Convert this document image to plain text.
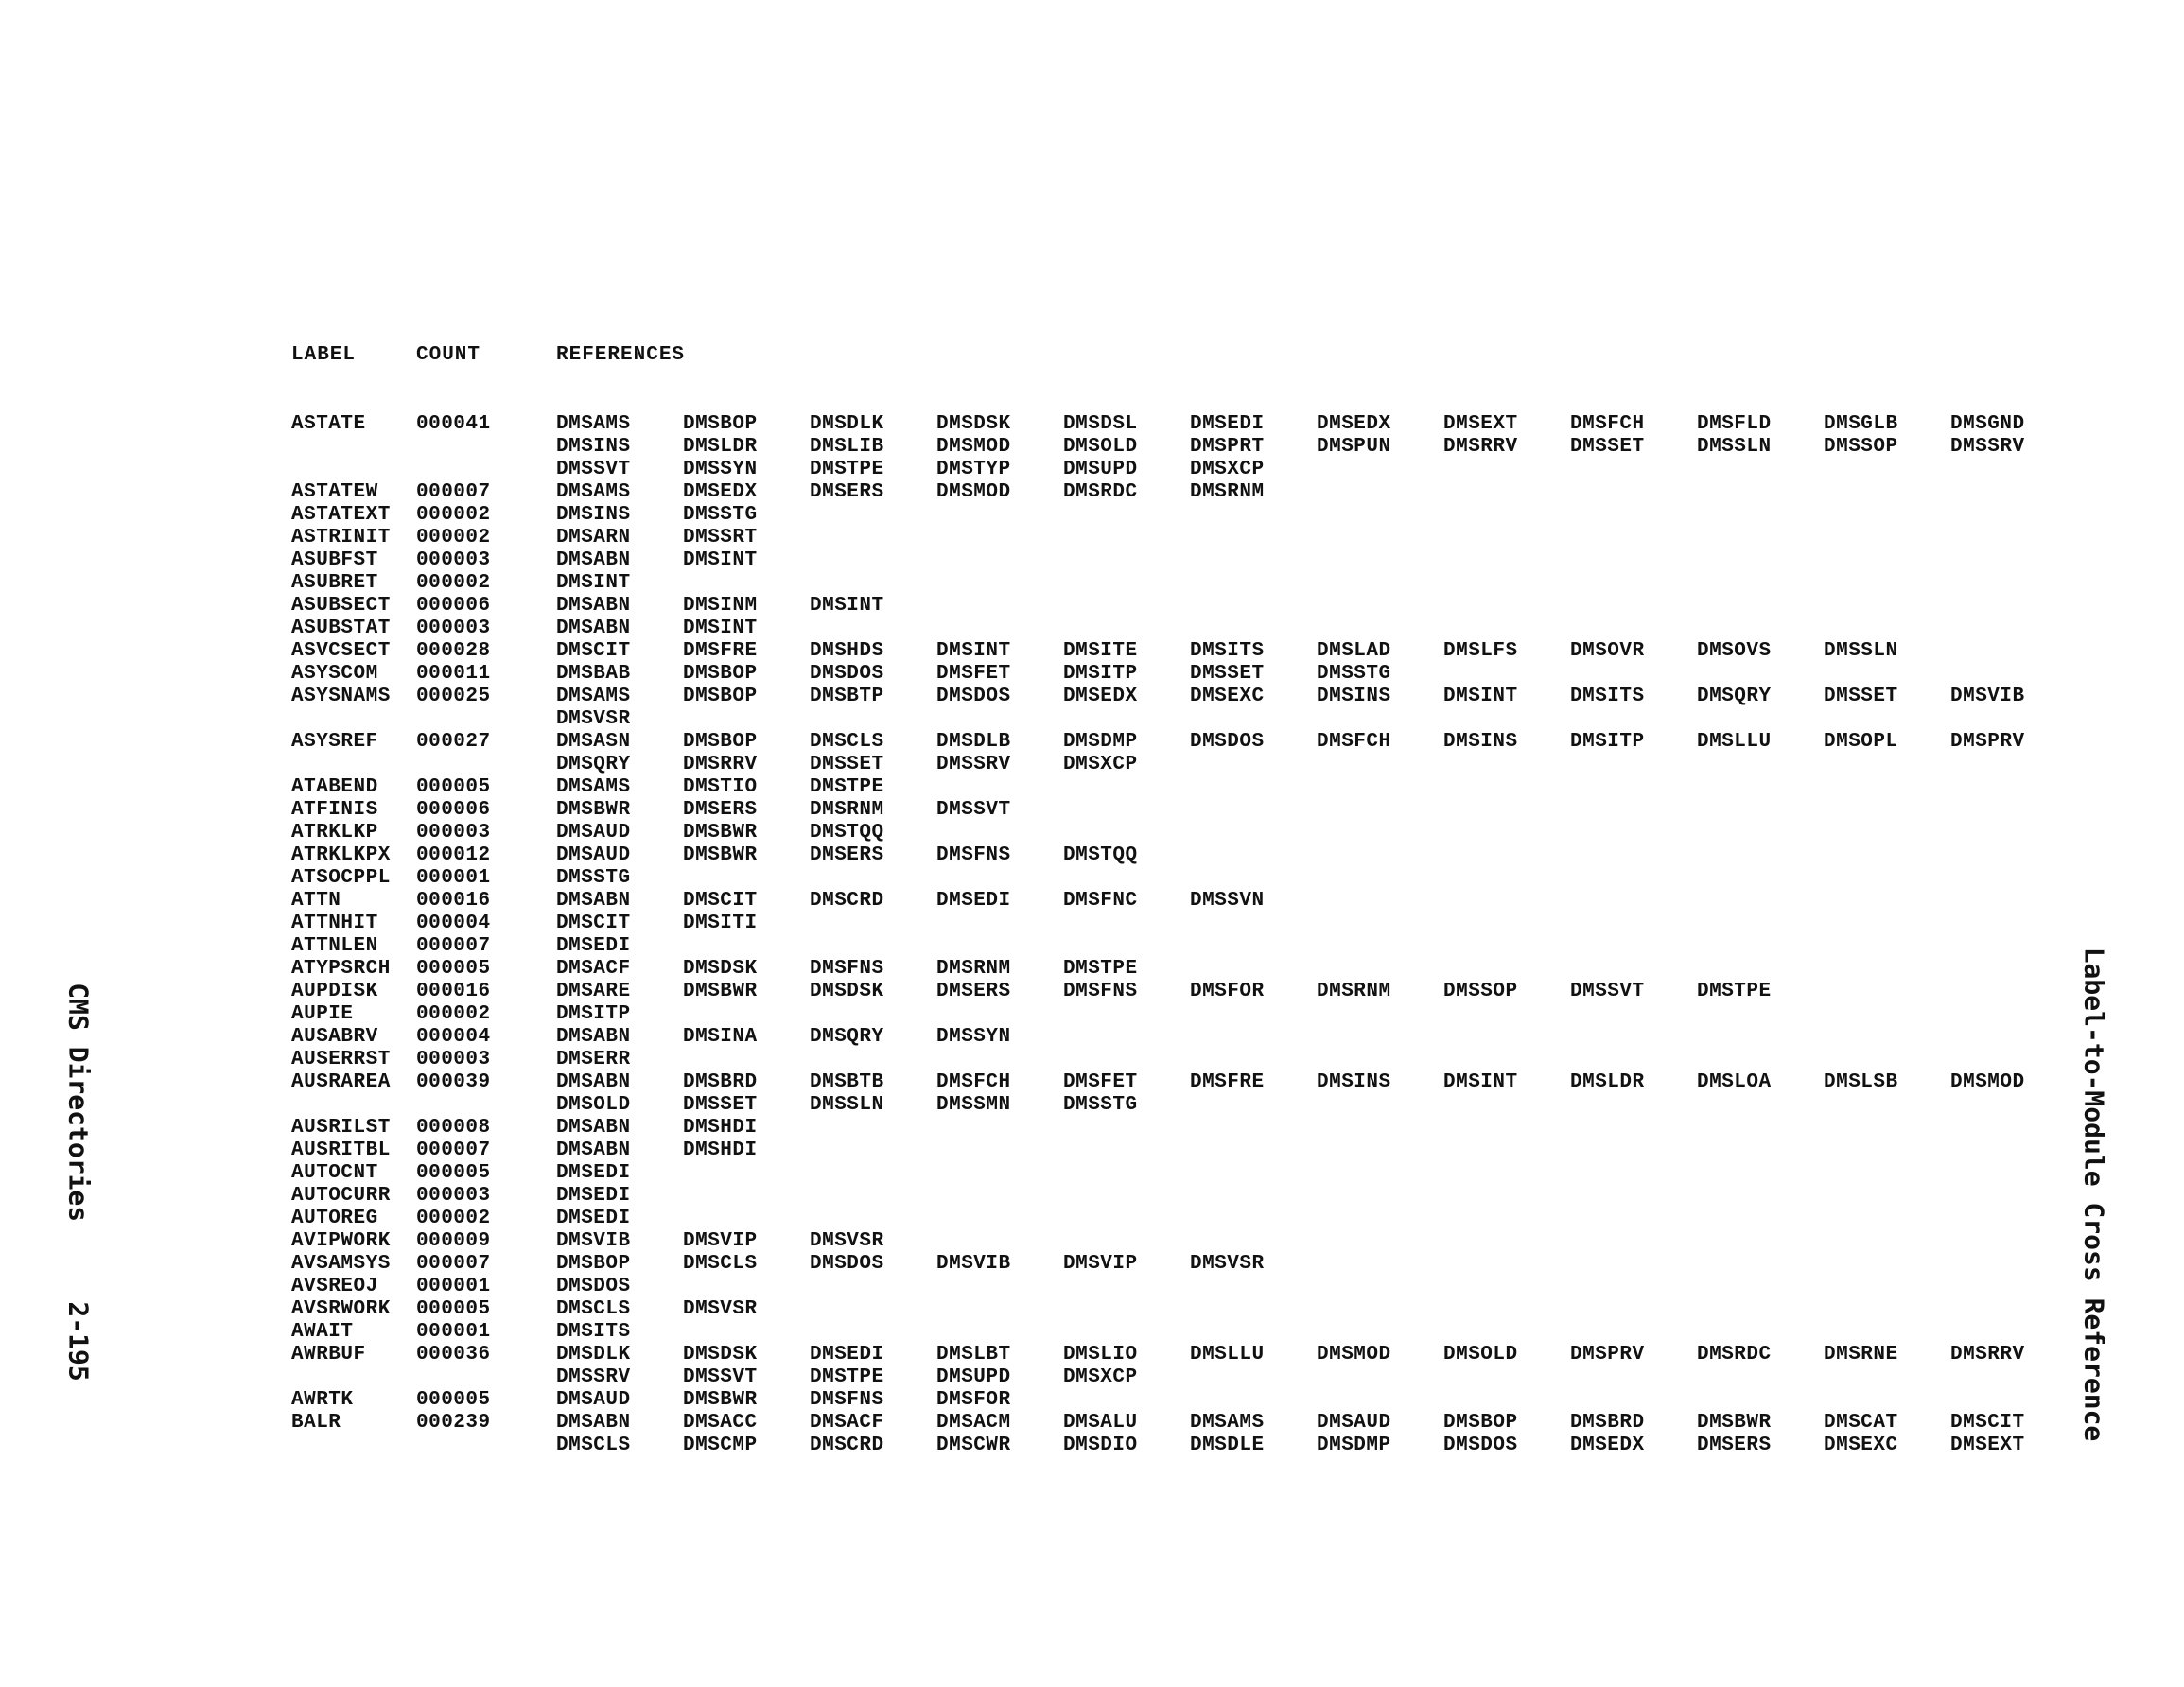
LABEL	COUNT	REFERENCES
ASTATE	000041	DMSAMS	DMSBOP	DMSDLK	DMSDSK	DMSDSL	DMSEDI	DMSEDX	DMSEXT	DMSFCH	DMSFLD	DMSGLB	DMSGND
DMSINS	DMSLDR	DMSLIB	DMSMOD	DMSOLD	DMSPRT	DMSPUN	DMSRRV	DMSSET	DMSSLN	DMSSOP	DMSSRV
DMSSVT	DMSSYN	DMSTPE	DMSTYP	DMSUPD	DMSXCP
ASTATEW 000007	DMSAMS	DMSEDX	DMSERS	DMSMOD	DMSRDC	DMSRNM
ASTATEXT 000002	DMSINS	DMSSTG
ASTRINIT 000002	DMSARN	DMSSRT
ASUBFST 000003	DMSABN	DMSINT
ASUBRET 000002	DMSINT
ASUBSECT 000006	DMSABN	DMSINM	DMSINT
ASUBSTAT 000003	DMSABN	DMSINT
ASVCSECT 000028	DMSCIT	DMSFRE	DMSHDS	DMSINT	DMSITE	DMSITS	DMSLAD	DMSLFS	DMSOVR	DMSOVS	DMSSLN
ASYSCOM 000011	DMSBAB	DMSBOP	DMSDOS	DMSFET	DMSITP	DMSSET	DMSSTG
ASYSNAMS 000025	DMSAMS	DMSBOP	DMSBTP	DMSDOS	DMSEDX	DMSEXC	DMSINS	DMSINT	DMSITS	DMSQRY	DMSSET	DMSVIB
DMSVSR
ASYSREF 000027	DMSASN	DMSBOP	DMSCLS	DMSDLB	DMSDMP	DMSDOS	DMSFCH	DMSINS	DMSITP	DMSLLU	DMSOPL	DMSPRV
DMSQRY	DMSRRV	DMSSET	DMSSRV	DMSXCP
ATABEND 000005	DMSAMS	DMSTIO	DMSTPE
ATFINIS 000006	DMSBWR	DMSERS	DMSRNM	DMSSVT
ATRKLKP 000003	DMSAUD	DMSBWR	DMSTQQ
ATRKLKPX 000012	DMSAUD	DMSBWR	DMSERS	DMSFNS	DMSTQQ
ATSOCPPL 000001	DMSSTG
ATTN	000016	DMSABN	DMSCIT	DMSCRD	DMSEDI	DMSFNC	DMSSVN
ATTNHIT 000004	DMSCIT	DMSITI
ATTNLEN 000007	DMSEDI
ATYPSRCH 000005	DMSACF	DMSDSK	DMSFNS	DMSRNM	DMSTPE
AUPDISK 000016	DMSARE	DMSBWR	DMSDSK	DMSERS	DMSFNS	DMSFOR	DMSRNM	DMSSOP	DMSSVT	DMSTPE
AUPIE	000002	DMSITP
AUSABRV 000004	DMSABN	DMSINA	DMSQRY	DMSSYN
AUSERRST 000003	DMSERR
AUSRAREA 000039	DMSABN	DMSBRD	DMSBTB	DMSFCH	DMSFET	DMSFRE	DMSINS	DMSINT	DMSLDR	DMSLOA	DMSLSB	DMSMOD
DMSOLD	DMSSET	DMSSLN	DMSSMN	DMSSTG
AUSRILST 000008	DMSABN	DMSHDI
AUSRITBL 000007	DMSABN	DMSHDI
AUTOCNT 000005	DMSEDI
AUTOCURR 000003	DMSEDI
AUTOREG 000002	DMSEDI
AVIPWORK 000009	DMSVIB	DMSVIP	DMSVSR
AVSAMSYS 000007	DMSBOP	DMSCLS	DMSDOS	DMSVIB	DMSVIP	DMSVSR
AVSREOJ 000001	DMSDOS
AVSRWORK 000005	DMSCLS	DMSVSR
AWAIT	000001	DMSITS
AWRBUF	000036	DMSDLK	DMSDSK	DMSEDI	DMSLBT	DMSLIO	DMSLLU	DMSMOD	DMSOLD	DMSPRV	DMSRDC	DMSRNE	DMSRRV
DMSSRV	DMSSVT	DMSTPE	DMSUPD	DMSXCP
AWRTK	000005	DMSAUD	DMSBWR	DMSFNS	DMSFOR
BALR	000239	DMSABN	DMSACC	DMSACF	DMSACM	DMSALU	DMSAMS	DMSAUD	DMSBOP	DMSBRD	DMSBWR	DMSCAT	DMSCIT
DMSCLS	DMSCMP	DMSCRD	DMSCWR	DMSDIO	DMSDLE	DMSDMP	DMSDOS	DMSEDX	DMSERS	DMSEXC	DMSEXT
CMS Directories     2-195	Label-to-Module Cross Reference
